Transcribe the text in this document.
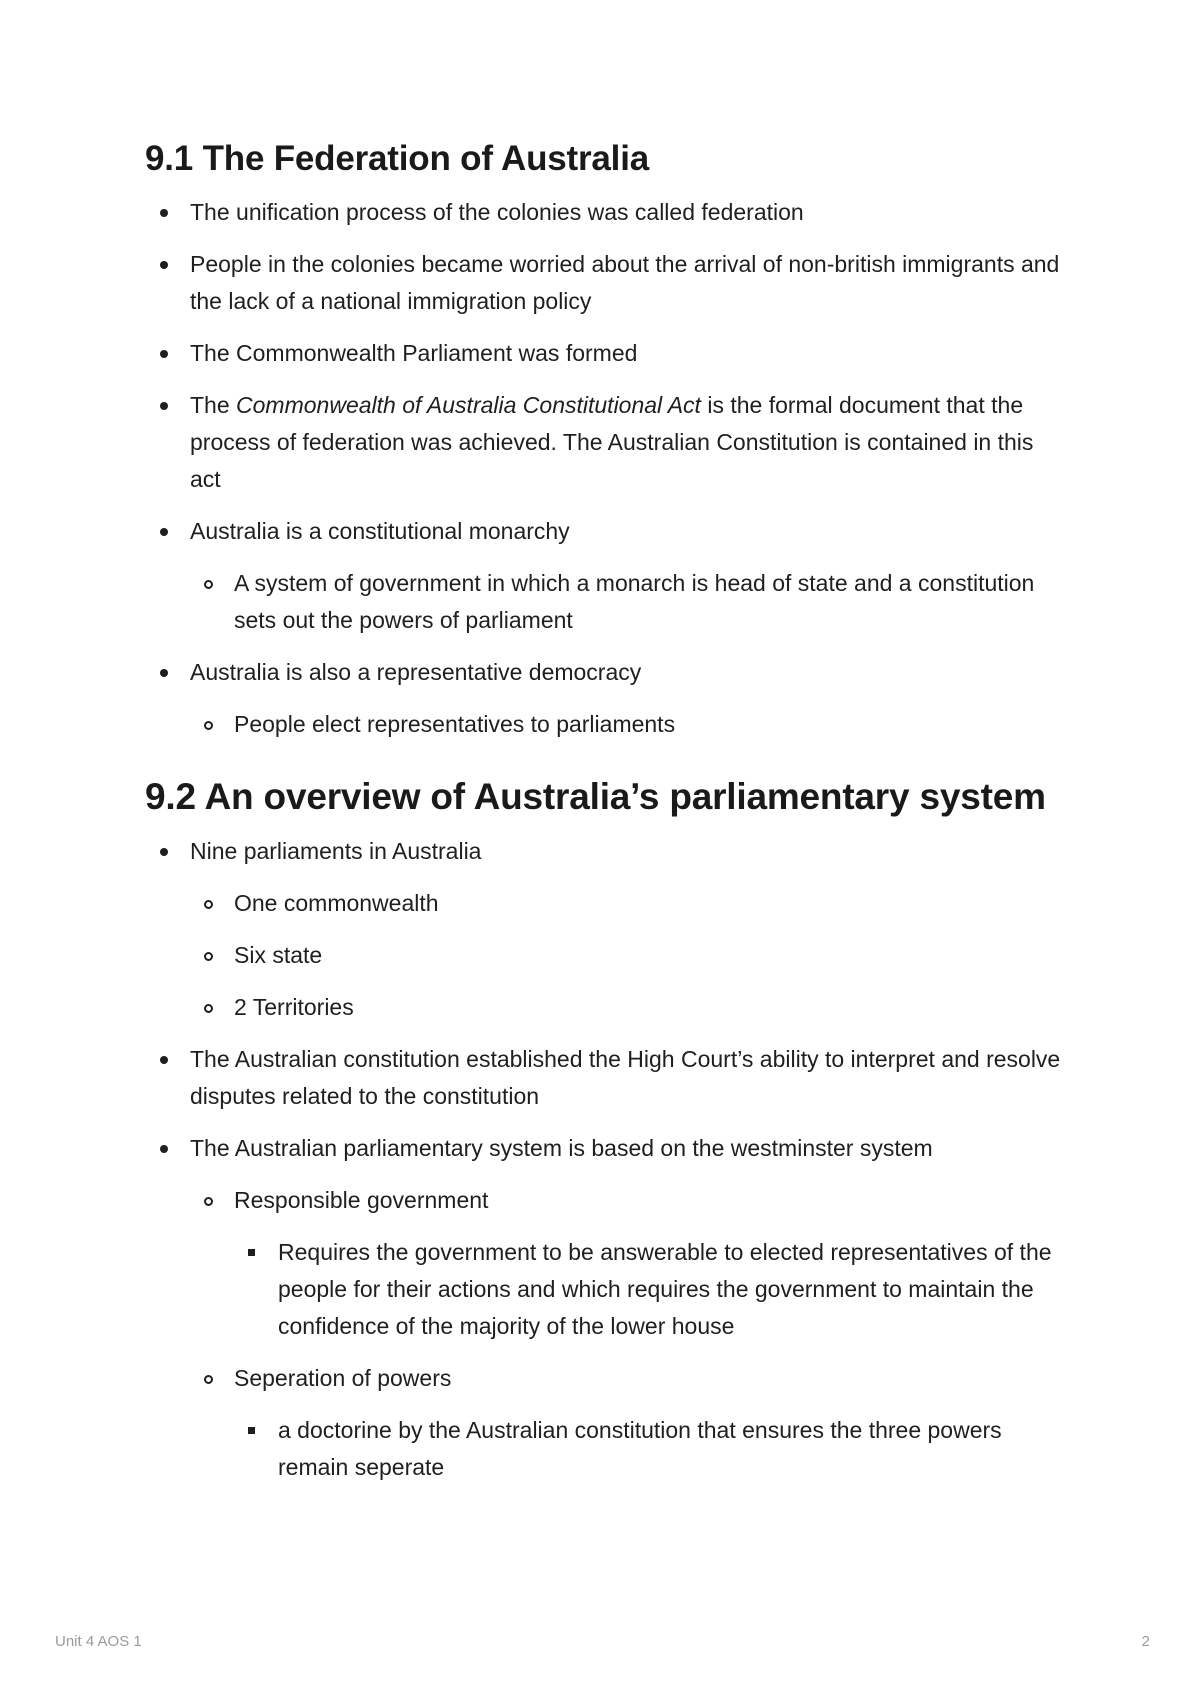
9.1 The Federation of Australia
The unification process of the colonies was called federation
People in the colonies became worried about the arrival of non-british immigrants and the lack of a national immigration policy
The Commonwealth Parliament was formed
The Commonwealth of Australia Constitutional Act is the formal document that the process of federation was achieved. The Australian Constitution is contained in this act
Australia is a constitutional monarchy
A system of government in which a monarch is head of state and a constitution sets out the powers of parliament
Australia is also a representative democracy
People elect representatives to parliaments
9.2 An overview of Australia’s parliamentary system
Nine parliaments in Australia
One commonwealth
Six state
2 Territories
The Australian constitution established the High Court’s ability to interpret and resolve disputes related to the constitution
The Australian parliamentary system is based on the westminster system
Responsible government
Requires the government to be answerable to elected representatives of the people for their actions and which requires the government to maintain the confidence of the majority of the lower house
Seperation of powers
a doctorine by the Australian constitution that ensures the three powers remain seperate
Unit 4 AOS 1	2
